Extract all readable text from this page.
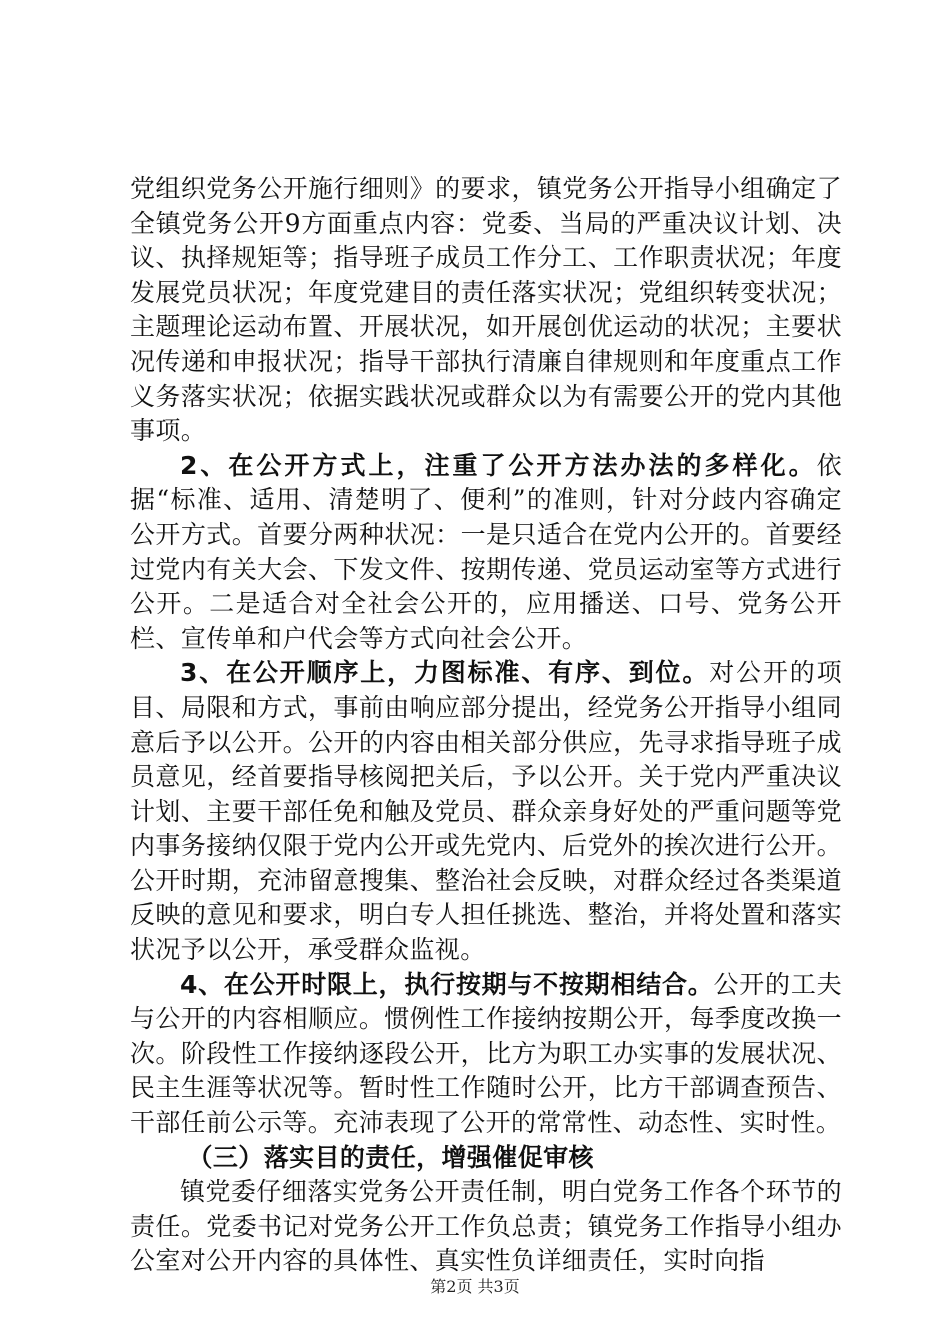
党组织党务公开施行细则》的要求，镇党务公开指导小组确定了全镇党务公开9方面重点内容：党委、当局的严重决议计划、决议、执择规矩等；指导班子成员工作分工、工作职责状况；年度发展党员状况；年度党建目的责任落实状况；党组织转变状况；主题理论运动布置、开展状况，如开展创优运动的状况；主要状况传递和申报状况；指导干部执行清廉自律规则和年度重点工作义务落实状况；依据实践状况或群众以为有需要公开的党内其他事项。

2、在公开方式上，注重了公开方法办法的多样化。依据“标准、适用、清楚明了、便利”的准则，针对分歧内容确定公开方式。首要分两种状况：一是只适合在党内公开的。首要经过党内有关大会、下发文件、按期传递、党员运动室等方式进行公开。二是适合对全社会公开的，应用播送、口号、党务公开栏、宣传单和户代会等方式向社会公开。

3、在公开顺序上，力图标准、有序、到位。对公开的项目、局限和方式，事前由响应部分提出，经党务公开指导小组同意后予以公开。公开的内容由相关部分供应，先寻求指导班子成员意见，经首要指导核阅把关后，予以公开。关于党内严重决议计划、主要干部任免和触及党员、群众亲身好处的严重问题等党内事务接纳仅限于党内公开或先党内、后党外的挨次进行公开。公开时期，充沛留意搜集、整治社会反映，对群众经过各类渠道反映的意见和要求，明白专人担任挑选、整治，并将处置和落实状况予以公开，承受群众监视。

4、在公开时限上，执行按期与不按期相结合。公开的工夫与公开的内容相顺应。惯例性工作接纳按期公开，每季度改换一次。阶段性工作接纳逐段公开，比方为职工办实事的发展状况、民主生涯等状况等。暂时性工作随时公开，比方干部调查预告、干部任前公示等。充沛表现了公开的常常性、动态性、实时性。

（三）落实目的责任，增强催促审核

镇党委仔细落实党务公开责任制，明白党务工作各个环节的责任。党委书记对党务公开工作负总责；镇党务工作指导小组办公室对公开内容的具体性、真实性负详细责任，实时向指

第2页 共3页
